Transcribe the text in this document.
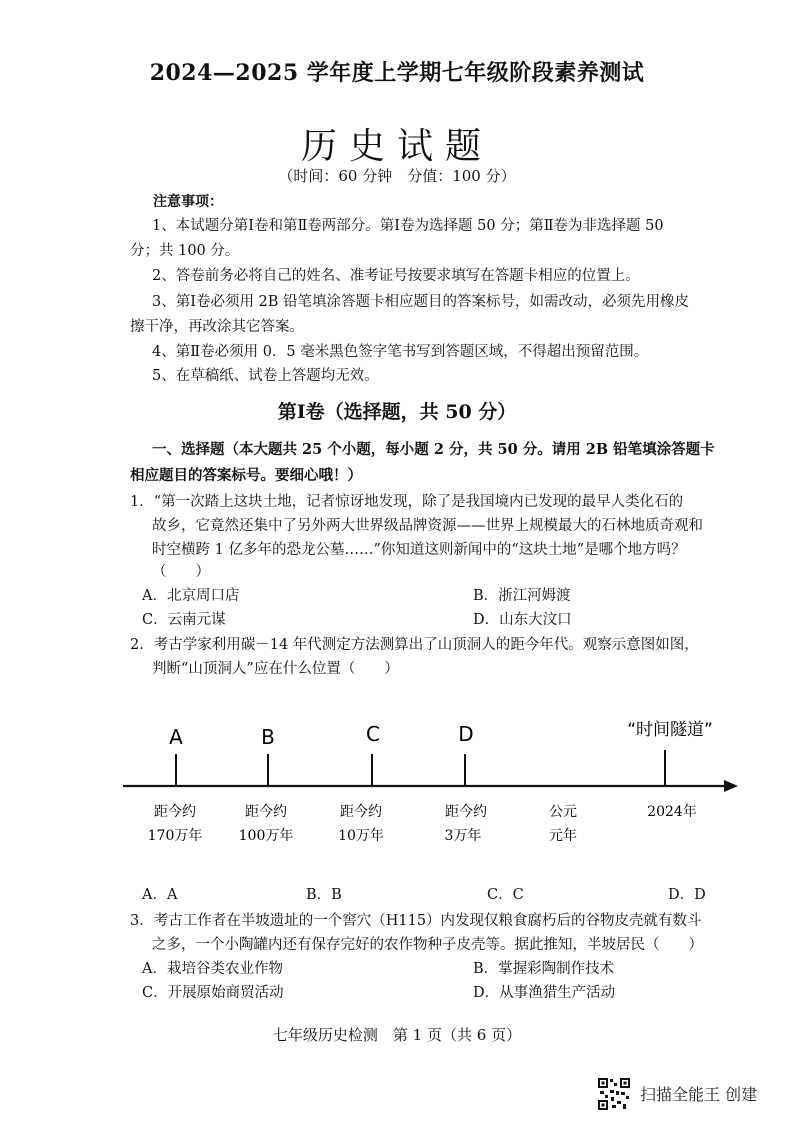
2024—2025 学年度上学期七年级阶段素养测试
历史试题
（时间：60 分钟　分值：100 分）
注意事项：
1、本试题分第Ⅰ卷和第Ⅱ卷两部分。第Ⅰ卷为选择题 50 分；第Ⅱ卷为非选择题 50
分；共 100 分。
2、答卷前务必将自己的姓名、准考证号按要求填写在答题卡相应的位置上。
3、第Ⅰ卷必须用 2B 铅笔填涂答题卡相应题目的答案标号，如需改动，必须先用橡皮
擦干净，再改涂其它答案。
4、第Ⅱ卷必须用 0．5 毫米黑色签字笔书写到答题区域，不得超出预留范围。
5、在草稿纸、试卷上答题均无效。
第Ⅰ卷（选择题，共 50 分）
一、选择题（本大题共 25 个小题，每小题 2 分，共 50 分。请用 2B 铅笔填涂答题卡
相应题目的答案标号。要细心哦！）
1．“第一次踏上这块土地，记者惊讶地发现，除了是我国境内已发现的最早人类化石的
故乡，它竟然还集中了另外两大世界级品牌资源——世界上规模最大的石林地质奇观和
时空横跨 1 亿多年的恐龙公墓……”你知道这则新闻中的“这块土地”是哪个地方吗？
（　　）
A．北京周口店	B．浙江河姆渡
C．云南元谋	D．山东大汶口
2．考古学家利用碳－14 年代测定方法测算出了山顶洞人的距今年代。观察示意图如图，
判断“山顶洞人”应在什么位置（　　）
A	B	C	D	“时间隧道”
距今约
170万年
距今约
100万年
距今约
10万年
距今约
3万年
公元
元年
2024年
A．A	B．B	C．C	D．D
3．考古工作者在半坡遗址的一个窖穴（H115）内发现仅粮食腐朽后的谷物皮壳就有数斗
之多，一个小陶罐内还有保存完好的农作物种子皮壳等。据此推知，半坡居民（　　）
A．栽培谷类农业作物	B．掌握彩陶制作技术
C．开展原始商贸活动	D．从事渔猎生产活动
七年级历史检测　第 1 页（共 6 页）
扫描全能王 创建
